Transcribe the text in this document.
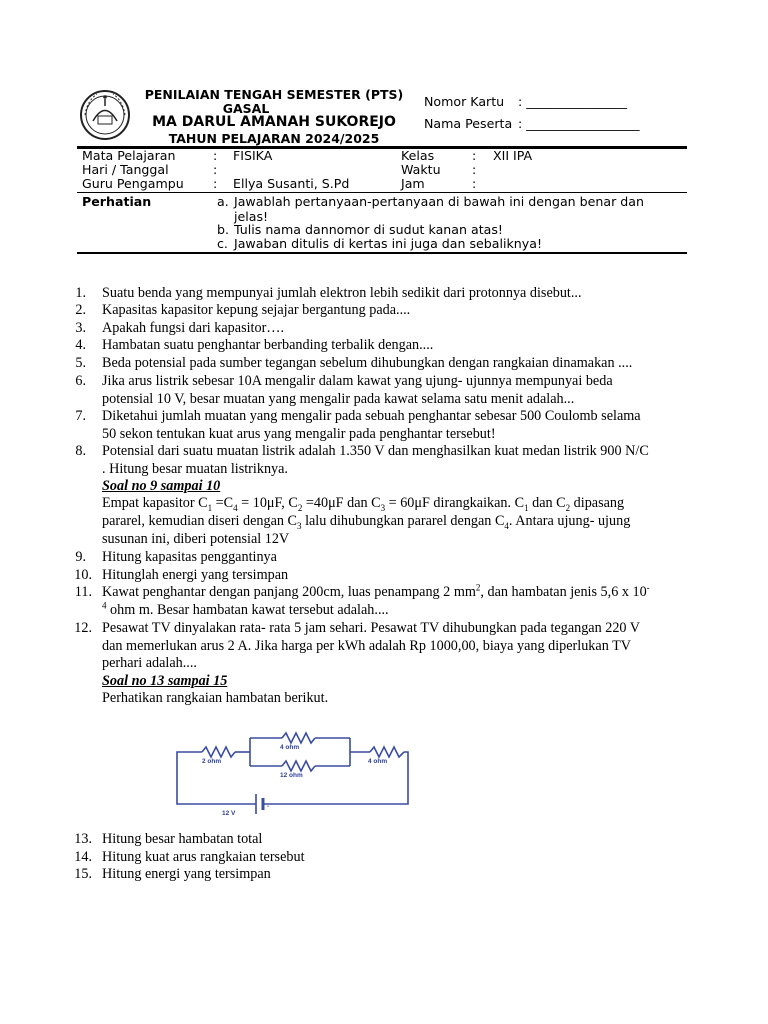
PENILAIAN TENGAH SEMESTER (PTS)
GASAL
MA DARUL AMANAH SUKOREJO
TAHUN PELAJARAN 2024/2025
Nomor Kartu : ________________
Nama Peserta : __________________
Mata Pelajaran	: FISIKA	Kelas	: XII IPA
Hari / Tanggal	:	Waktu :
Guru Pengampu : Ellya Susanti, S.Pd	Jam	:
Perhatian	a. Jawablah pertanyaan-pertanyaan di bawah ini dengan benar dan jelas!
b. Tulis nama dannomor di sudut kanan atas!
c. Jawaban ditulis di kertas ini juga dan sebaliknya!
1. Suatu benda yang mempunyai jumlah elektron lebih sedikit dari protonnya disebut...
2. Kapasitas kapasitor kepung sejajar bergantung pada....
3. Apakah fungsi dari kapasitor….
4. Hambatan suatu penghantar berbanding terbalik dengan....
5. Beda potensial pada sumber tegangan sebelum dihubungkan dengan rangkaian dinamakan ....
6. Jika arus listrik sebesar 10A mengalir dalam kawat yang ujung- ujunnya mempunyai beda
potensial 10 V, besar muatan yang mengalir pada kawat selama satu menit adalah...
7. Diketahui jumlah muatan yang mengalir pada sebuah penghantar sebesar 500 Coulomb selama
50 sekon tentukan kuat arus yang mengalir pada penghantar tersebut!
8. Potensial dari suatu muatan listrik adalah 1.350 V dan menghasilkan kuat medan listrik 900 N/C
. Hitung besar muatan listriknya.
Soal no 9 sampai 10
Empat kapasitor $C_1 =C_4 = 10\mu F$, $C_2 =40\mu F$ dan $C_3 = 60\mu F$ dirangkaikan. $C_1$ dan $C_2$ dipasang
pararel, kemudian diseri dengan $C_3$ lalu dihubungkan pararel dengan $C_4$. Antara ujung- ujung
susunan ini, diberi potensial 12V
9. Hitung kapasitas penggantinya
10. Hitunglah energi yang tersimpan
11. Kawat penghantar dengan panjang 200cm, luas penampang 2 $mm^2$, dan hambatan jenis 5,6 x 10-
$^4$ ohm m. Besar hambatan kawat tersebut adalah....
12. Pesawat TV dinyalakan rata- rata 5 jam sehari. Pesawat TV dihubungkan pada tegangan 220 V
dan memerlukan arus 2 A. Jika harga per kWh adalah Rp 1000,00, biaya yang diperlukan TV
perhari adalah....
Soal no 13 sampai 15
Perhatikan rangkaian hambatan berikut.
13. Hitung besar hambatan total
14. Hitung kuat arus rangkaian tersebut
15. Hitung energi yang tersimpan
2 ohm
4 ohm
12 ohm
4 ohm
12 V
-
